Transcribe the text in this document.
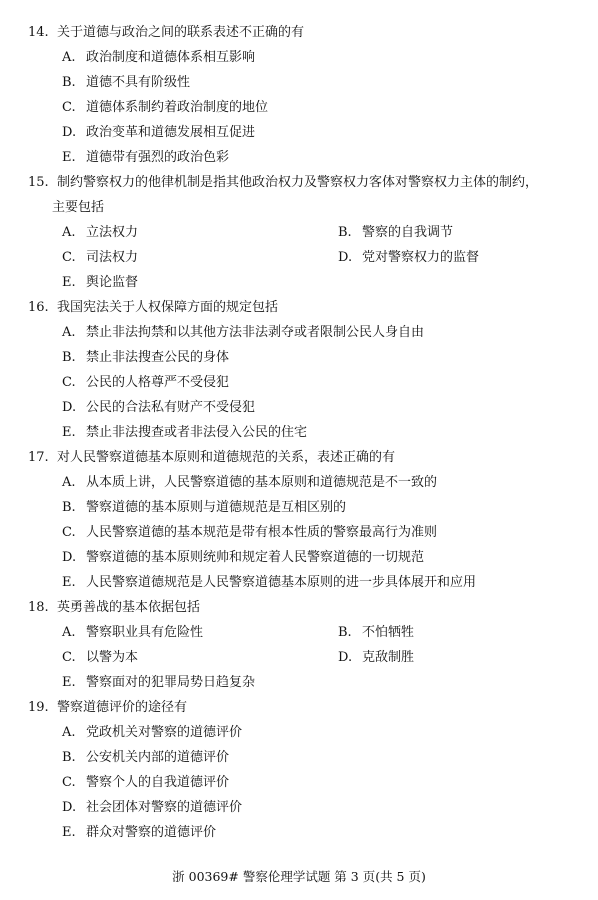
14. 关于道德与政治之间的联系表述不正确的有
A. 政治制度和道德体系相互影响
B. 道德不具有阶级性
C. 道德体系制约着政治制度的地位
D. 政治变革和道德发展相互促进
E. 道德带有强烈的政治色彩
15. 制约警察权力的他律机制是指其他政治权力及警察权力客体对警察权力主体的制约，
主要包括
A. 立法权力	B. 警察的自我调节
C. 司法权力	D. 党对警察权力的监督
E. 舆论监督
16. 我国宪法关于人权保障方面的规定包括
A. 禁止非法拘禁和以其他方法非法剥夺或者限制公民人身自由
B. 禁止非法搜查公民的身体
C. 公民的人格尊严不受侵犯
D. 公民的合法私有财产不受侵犯
E. 禁止非法搜查或者非法侵入公民的住宅
17. 对人民警察道德基本原则和道德规范的关系，表述正确的有
A. 从本质上讲，人民警察道德的基本原则和道德规范是不一致的
B. 警察道德的基本原则与道德规范是互相区别的
C. 人民警察道德的基本规范是带有根本性质的警察最高行为准则
D. 警察道德的基本原则统帅和规定着人民警察道德的一切规范
E. 人民警察道德规范是人民警察道德基本原则的进一步具体展开和应用
18. 英勇善战的基本依据包括
A. 警察职业具有危险性	B. 不怕牺牲
C. 以警为本	D. 克敌制胜
E. 警察面对的犯罪局势日趋复杂
19. 警察道德评价的途径有
A. 党政机关对警察的道德评价
B. 公安机关内部的道德评价
C. 警察个人的自我道德评价
D. 社会团体对警察的道德评价
E. 群众对警察的道德评价
浙 00369# 警察伦理学试题 第 3 页(共 5 页)
